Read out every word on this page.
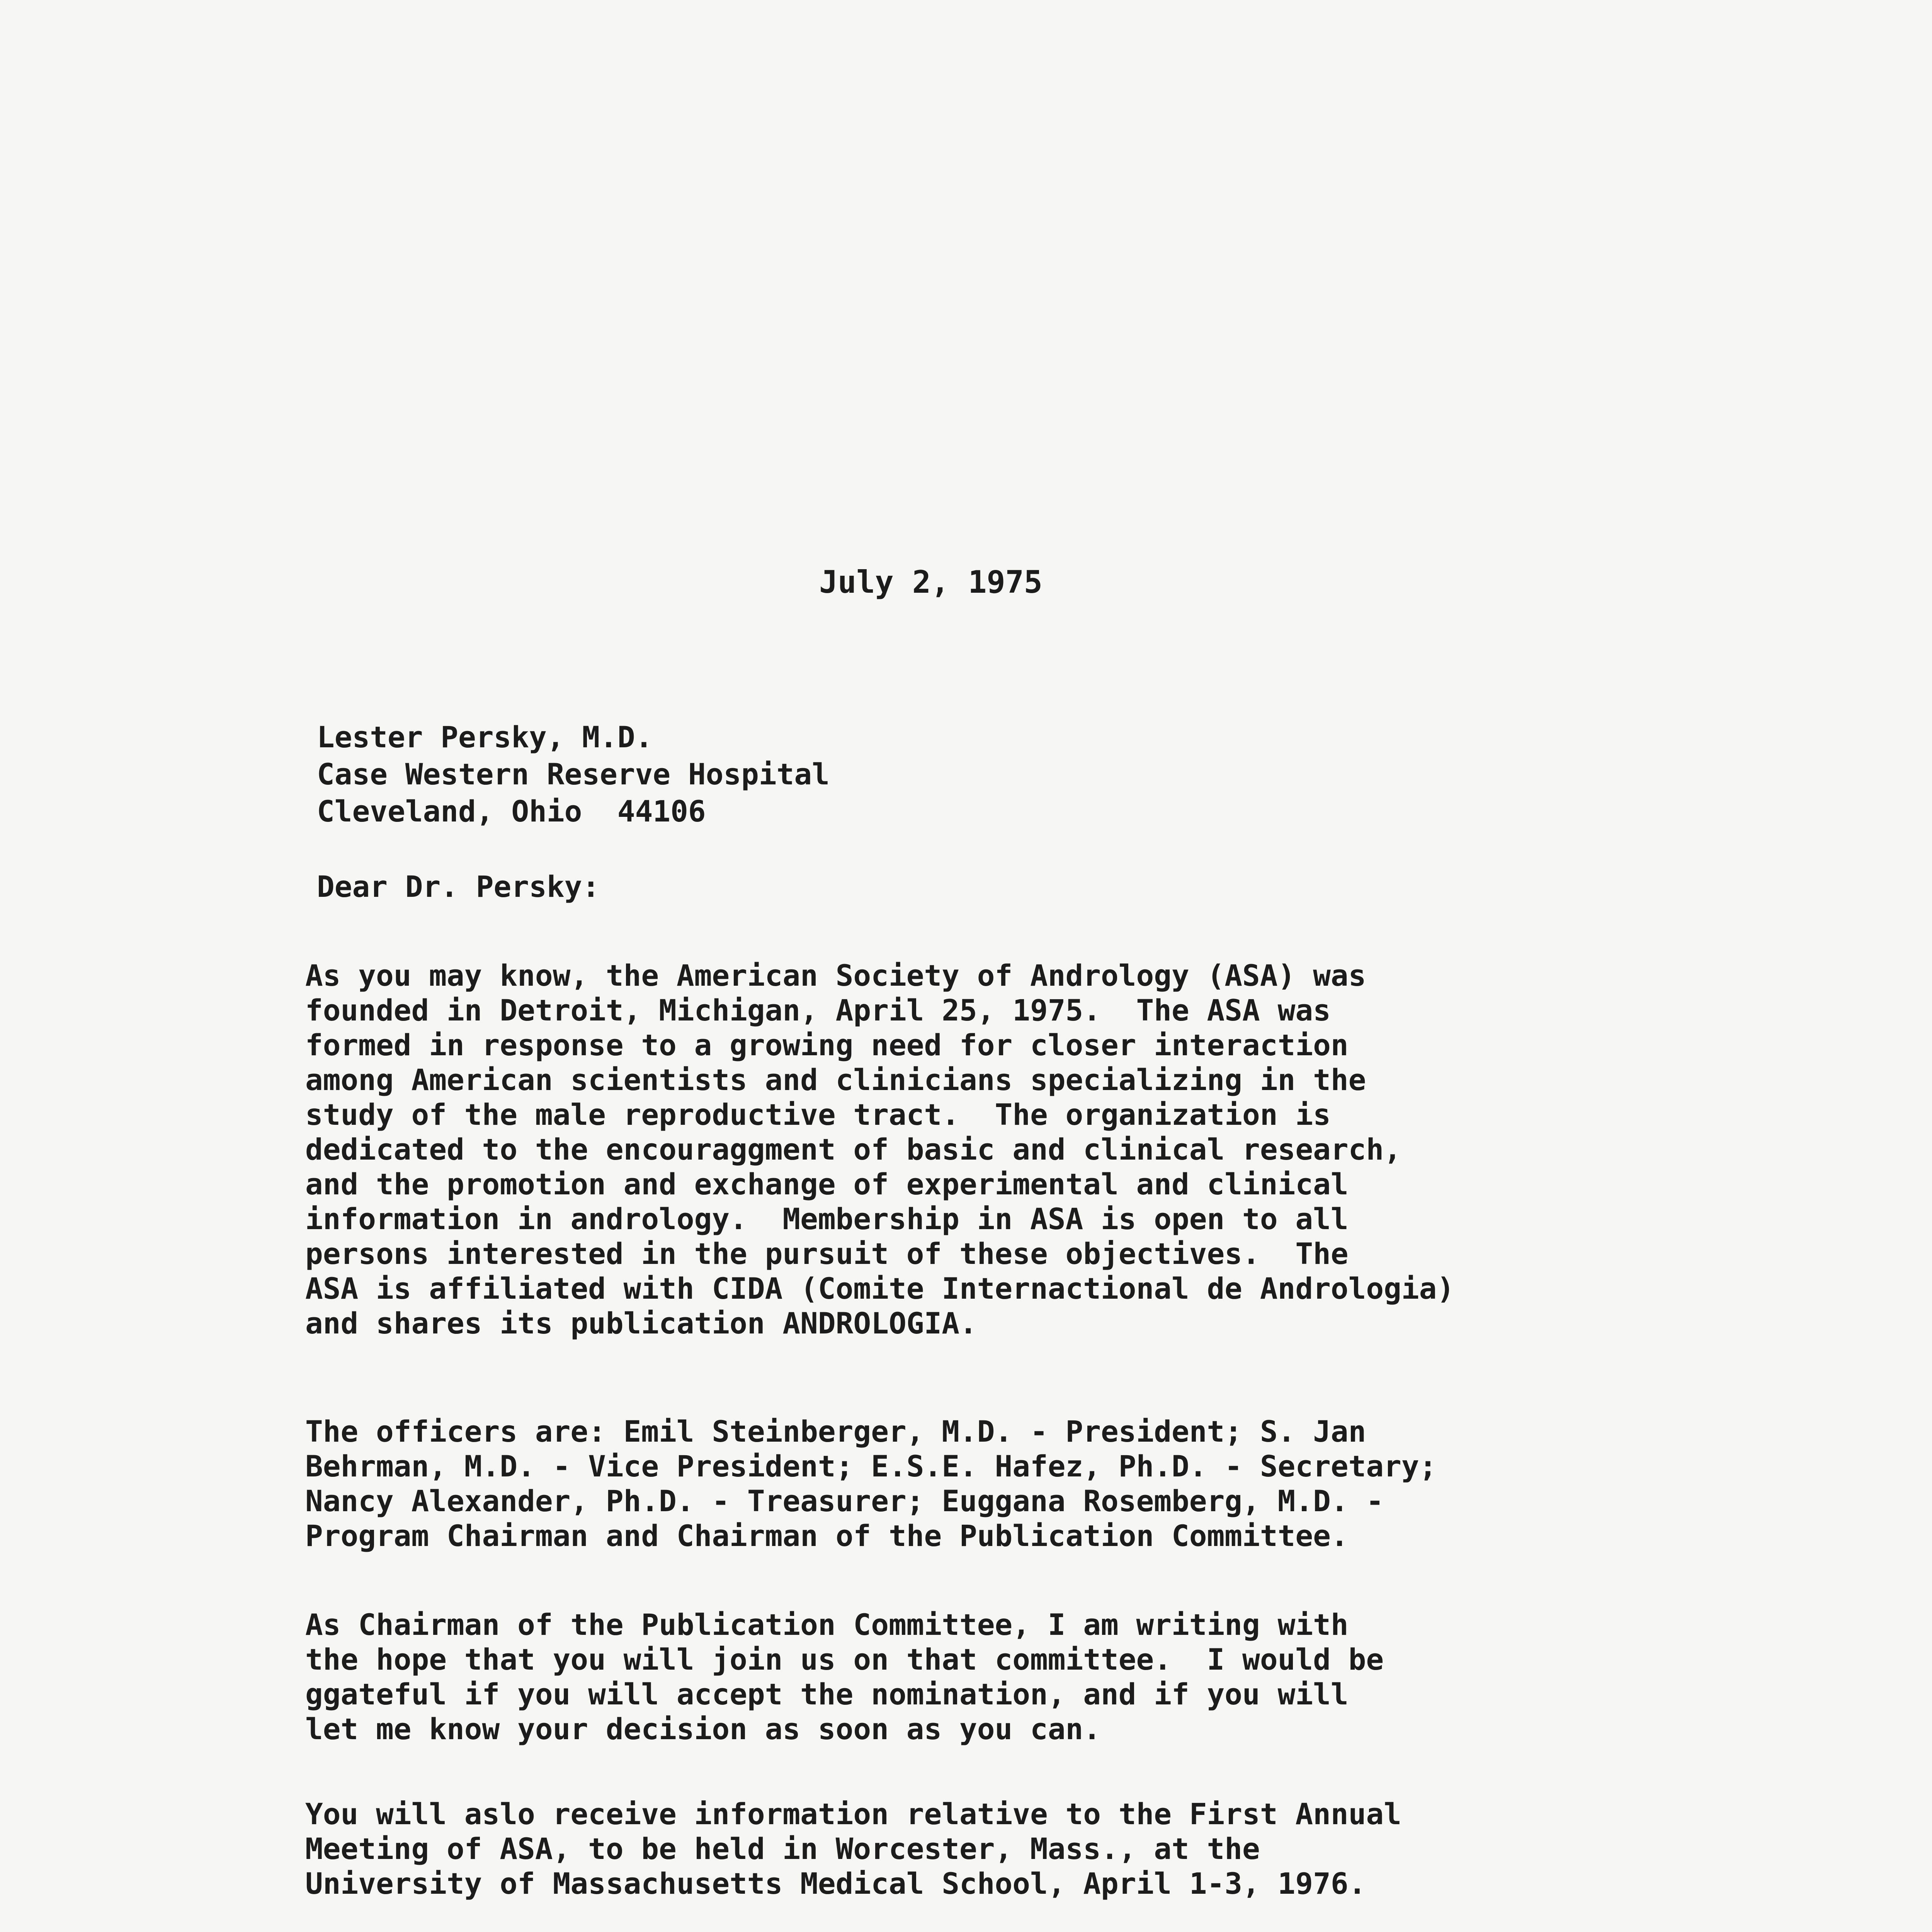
July 2, 1975
Lester Persky, M.D.
Case Western Reserve Hospital
Cleveland, Ohio  44106
Dear Dr. Persky:
As you may know, the American Society of Andrology (ASA) was
founded in Detroit, Michigan, April 25, 1975.  The ASA was
formed in response to a growing need for closer interaction
among American scientists and clinicians specializing in the
study of the male reproductive tract.  The organization is
dedicated to the encouraggment of basic and clinical research,
and the promotion and exchange of experimental and clinical
information in andrology.  Membership in ASA is open to all
persons interested in the pursuit of these objectives.  The
ASA is affiliated with CIDA (Comite Internactional de Andrologia)
and shares its publication ANDROLOGIA.
The officers are: Emil Steinberger, M.D. - President; S. Jan
Behrman, M.D. - Vice President; E.S.E. Hafez, Ph.D. - Secretary;
Nancy Alexander, Ph.D. - Treasurer; Euggana Rosemberg, M.D. -
Program Chairman and Chairman of the Publication Committee.
As Chairman of the Publication Committee, I am writing with
the hope that you will join us on that committee.  I would be
ggateful if you will accept the nomination, and if you will
let me know your decision as soon as you can.
You will aslo receive information relative to the First Annual
Meeting of ASA, to be held in Worcester, Mass., at the
University of Massachusetts Medical School, April 1-3, 1976.
